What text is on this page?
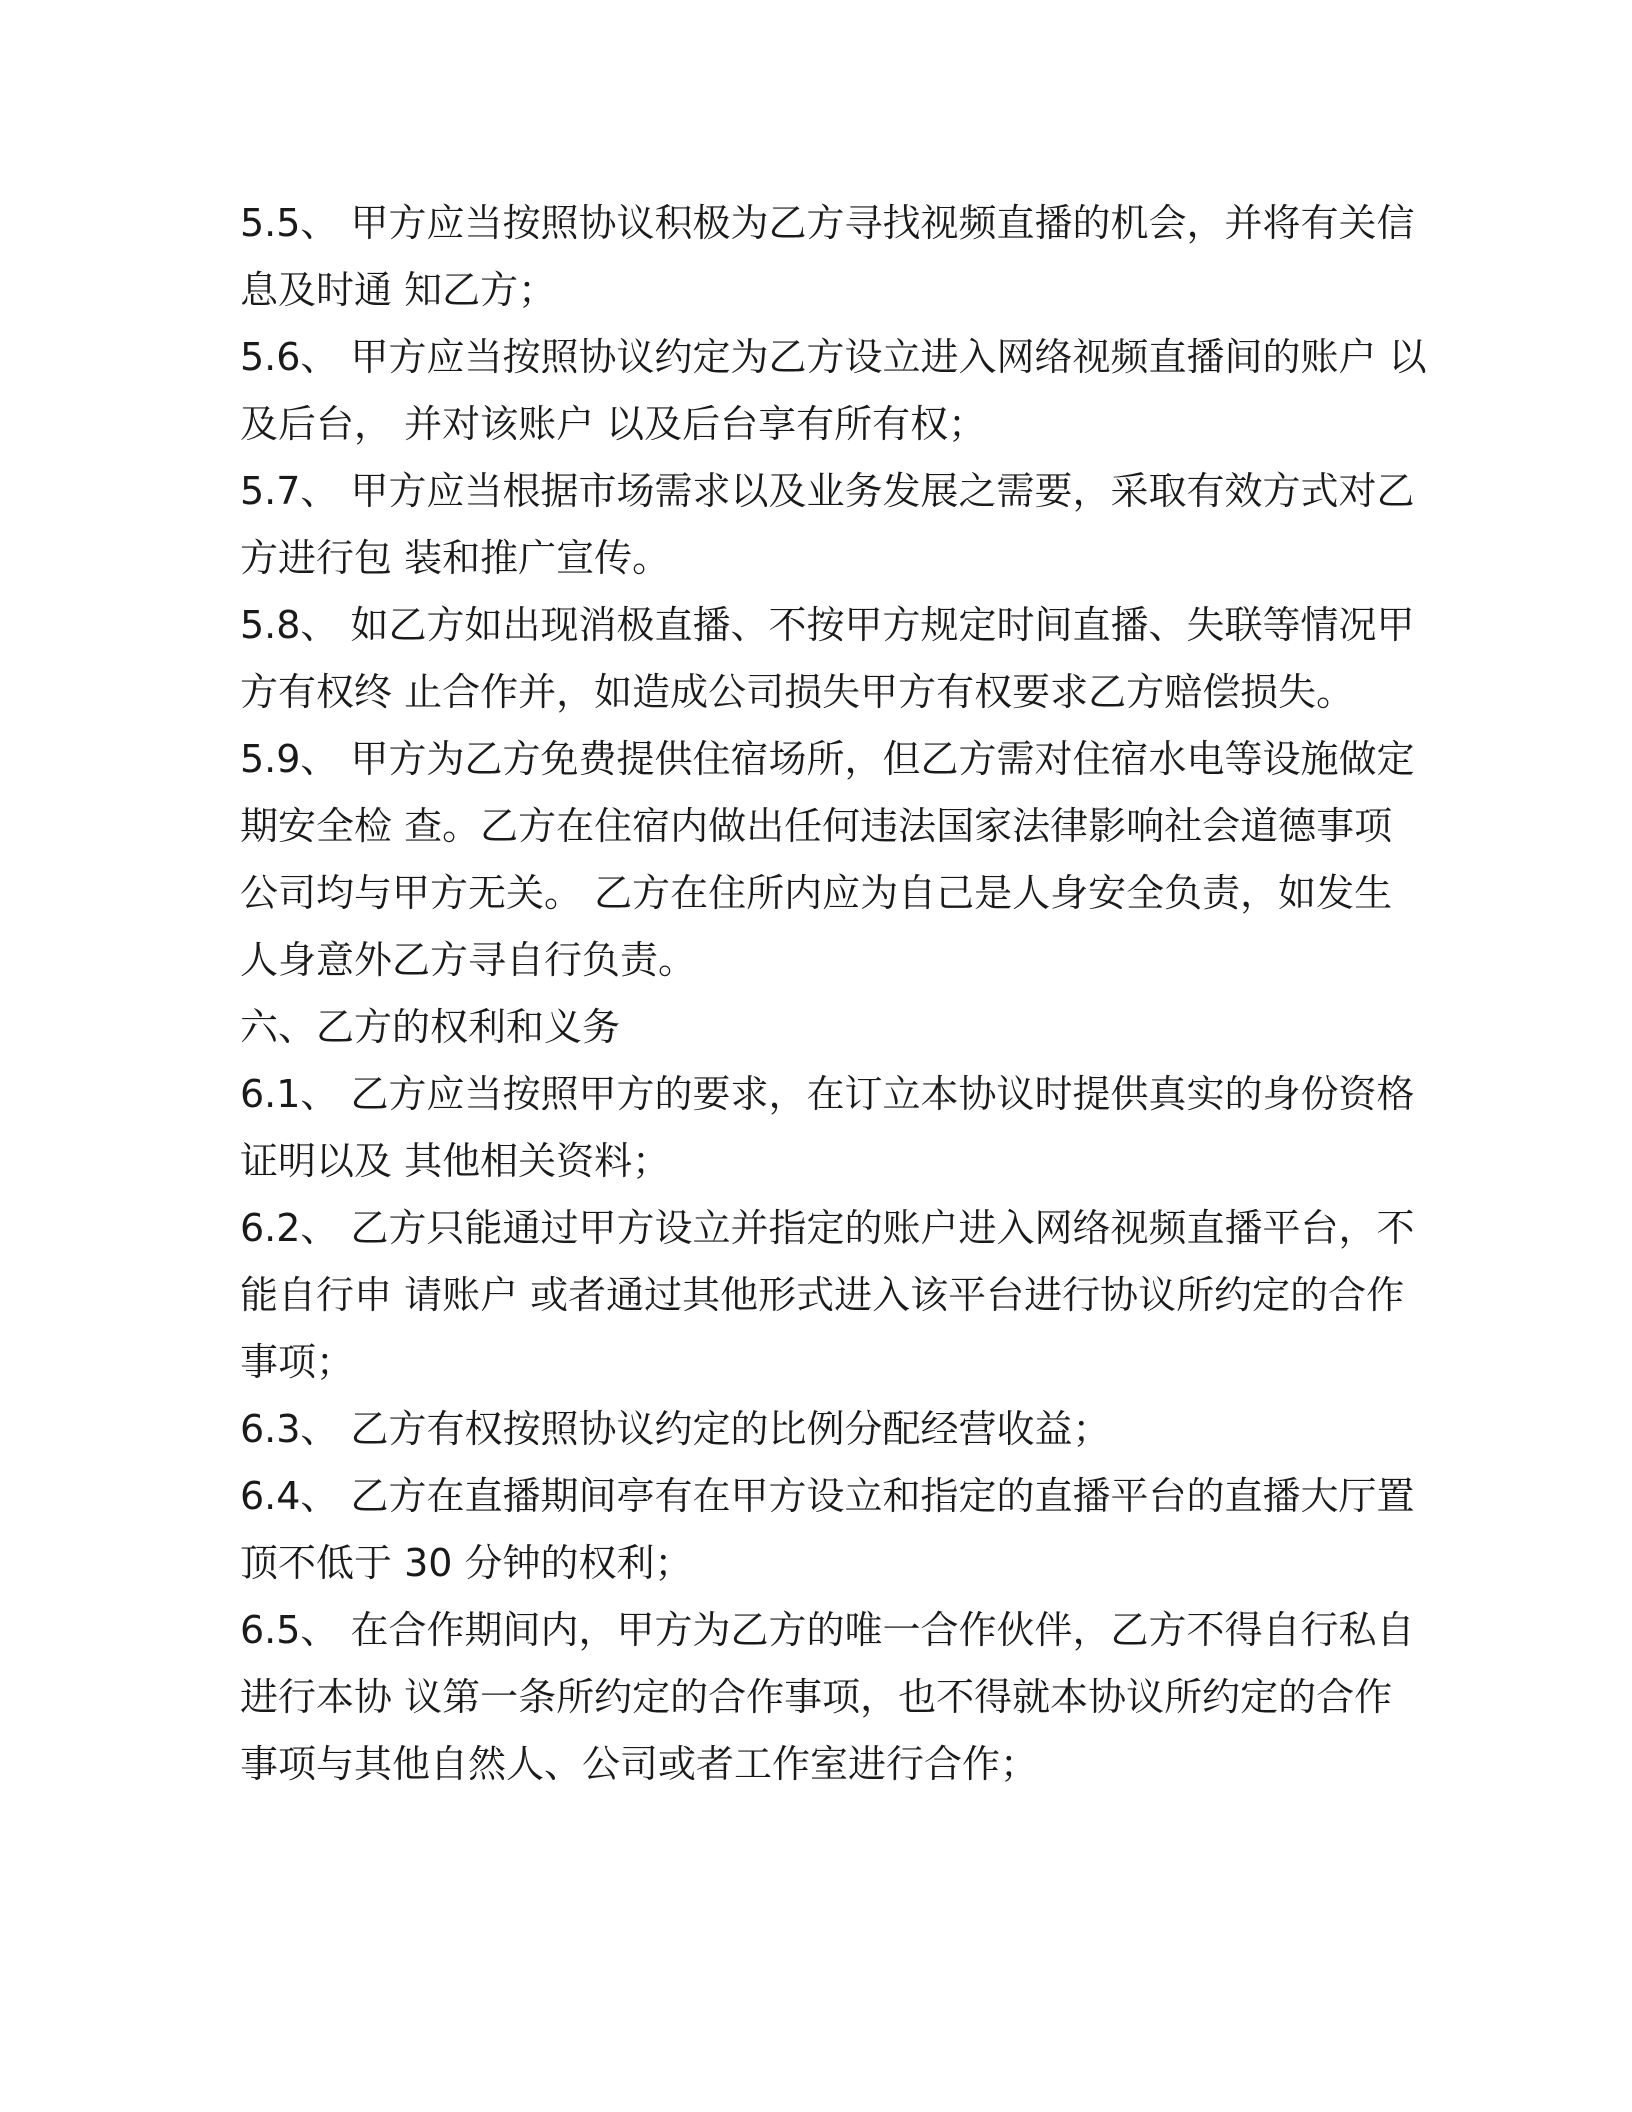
5.5、 甲方应当按照协议积极为乙方寻找视频直播的机会，并将有关信
息及时通 知乙方；
5.6、 甲方应当按照协议约定为乙方设立进入网络视频直播间的账户 以
及后台， 并对该账户 以及后台享有所有权；
5.7、 甲方应当根据市场需求以及业务发展之需要，采取有效方式对乙
方进行包 装和推广宣传。
5.8、 如乙方如出现消极直播、不按甲方规定时间直播、失联等情况甲
方有权终 止合作并，如造成公司损失甲方有权要求乙方赔偿损失。
5.9、 甲方为乙方免费提供住宿场所，但乙方需对住宿水电等设施做定
期安全检 查。乙方在住宿内做出任何违法国家法律影响社会道德事项
公司均与甲方无关。 乙方在住所内应为自己是人身安全负责，如发生
人身意外乙方寻自行负责。
六、乙方的权利和义务
6.1、 乙方应当按照甲方的要求，在订立本协议时提供真实的身份资格
证明以及 其他相关资料；
6.2、 乙方只能通过甲方设立并指定的账户进入网络视频直播平台，不
能自行申 请账户 或者通过其他形式进入该平台进行协议所约定的合作
事项；
6.3、 乙方有权按照协议约定的比例分配经营收益；
6.4、 乙方在直播期间亭有在甲方设立和指定的直播平台的直播大厅置
顶不低于 30 分钟的权利；
6.5、 在合作期间内，甲方为乙方的唯一合作伙伴，乙方不得自行私自
进行本协 议第一条所约定的合作事项，也不得就本协议所约定的合作
事项与其他自然人、公司或者工作室进行合作；
